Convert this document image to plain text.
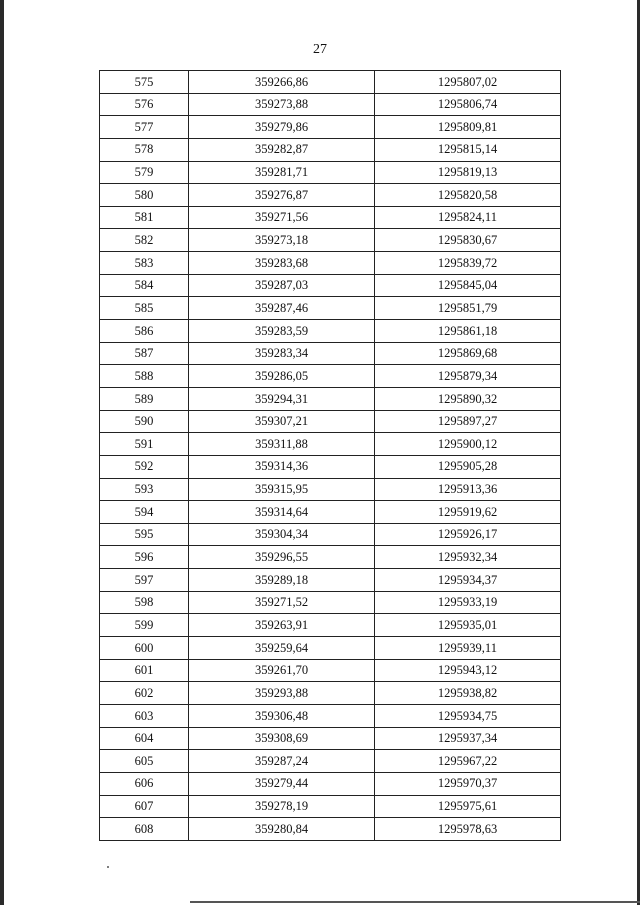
27
575	359266,86	1295807,02
576	359273,88	1295806,74
577	359279,86	1295809,81
578	359282,87	1295815,14
579	359281,71	1295819,13
580	359276,87	1295820,58
581	359271,56	1295824,11
582	359273,18	1295830,67
583	359283,68	1295839,72
584	359287,03	1295845,04
585	359287,46	1295851,79
586	359283,59	1295861,18
587	359283,34	1295869,68
588	359286,05	1295879,34
589	359294,31	1295890,32
590	359307,21	1295897,27
591	359311,88	1295900,12
592	359314,36	1295905,28
593	359315,95	1295913,36
594	359314,64	1295919,62
595	359304,34	1295926,17
596	359296,55	1295932,34
597	359289,18	1295934,37
598	359271,52	1295933,19
599	359263,91	1295935,01
600	359259,64	1295939,11
601	359261,70	1295943,12
602	359293,88	1295938,82
603	359306,48	1295934,75
604	359308,69	1295937,34
605	359287,24	1295967,22
606	359279,44	1295970,37
607	359278,19	1295975,61
608	359280,84	1295978,63
